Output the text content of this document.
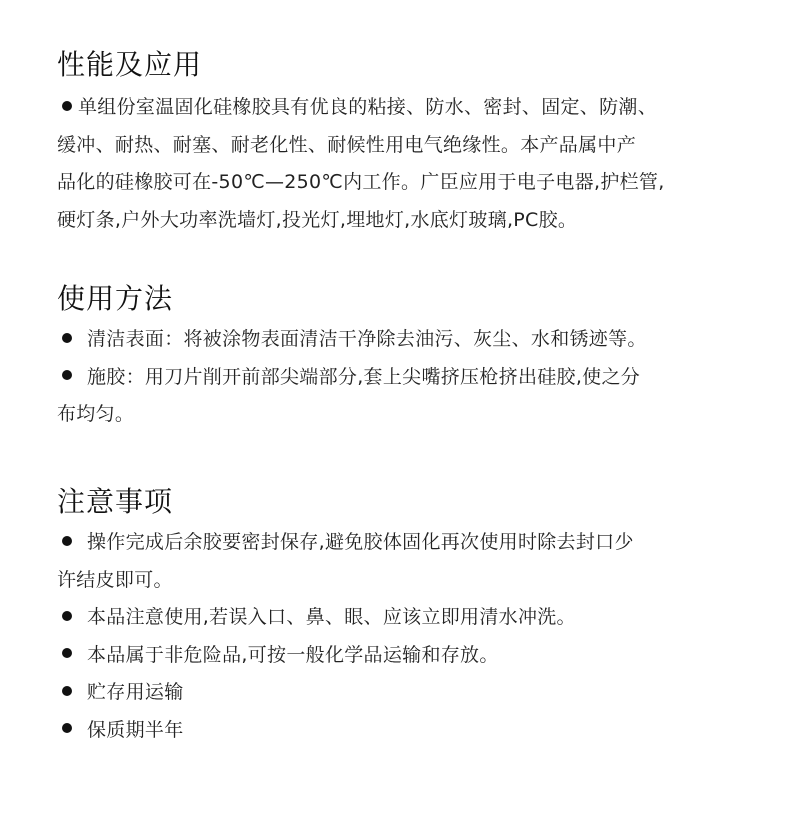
性能及应用

单组份室温固化硅橡胶具有优良的粘接、防水、密封、固定、防潮、

缓冲、耐热、耐塞、耐老化性、耐候性用电气绝缘性。本产品属中产

品化的硅橡胶可在-50℃—250℃内工作。广臣应用于电子电器,护栏管,

硬灯条,户外大功率洗墙灯,投光灯,埋地灯,水底灯玻璃,PC胶。

使用方法

清洁表面：将被涂物表面清洁干净除去油污、灰尘、水和锈迹等。

施胶：用刀片削开前部尖端部分,套上尖嘴挤压枪挤出硅胶,使之分

布均匀。

注意事项

操作完成后余胶要密封保存,避免胶体固化再次使用时除去封口少

许结皮即可。

本品注意使用,若误入口、鼻、眼、应该立即用清水冲洗。

本品属于非危险品,可按一般化学品运输和存放。

贮存用运输

保质期半年
